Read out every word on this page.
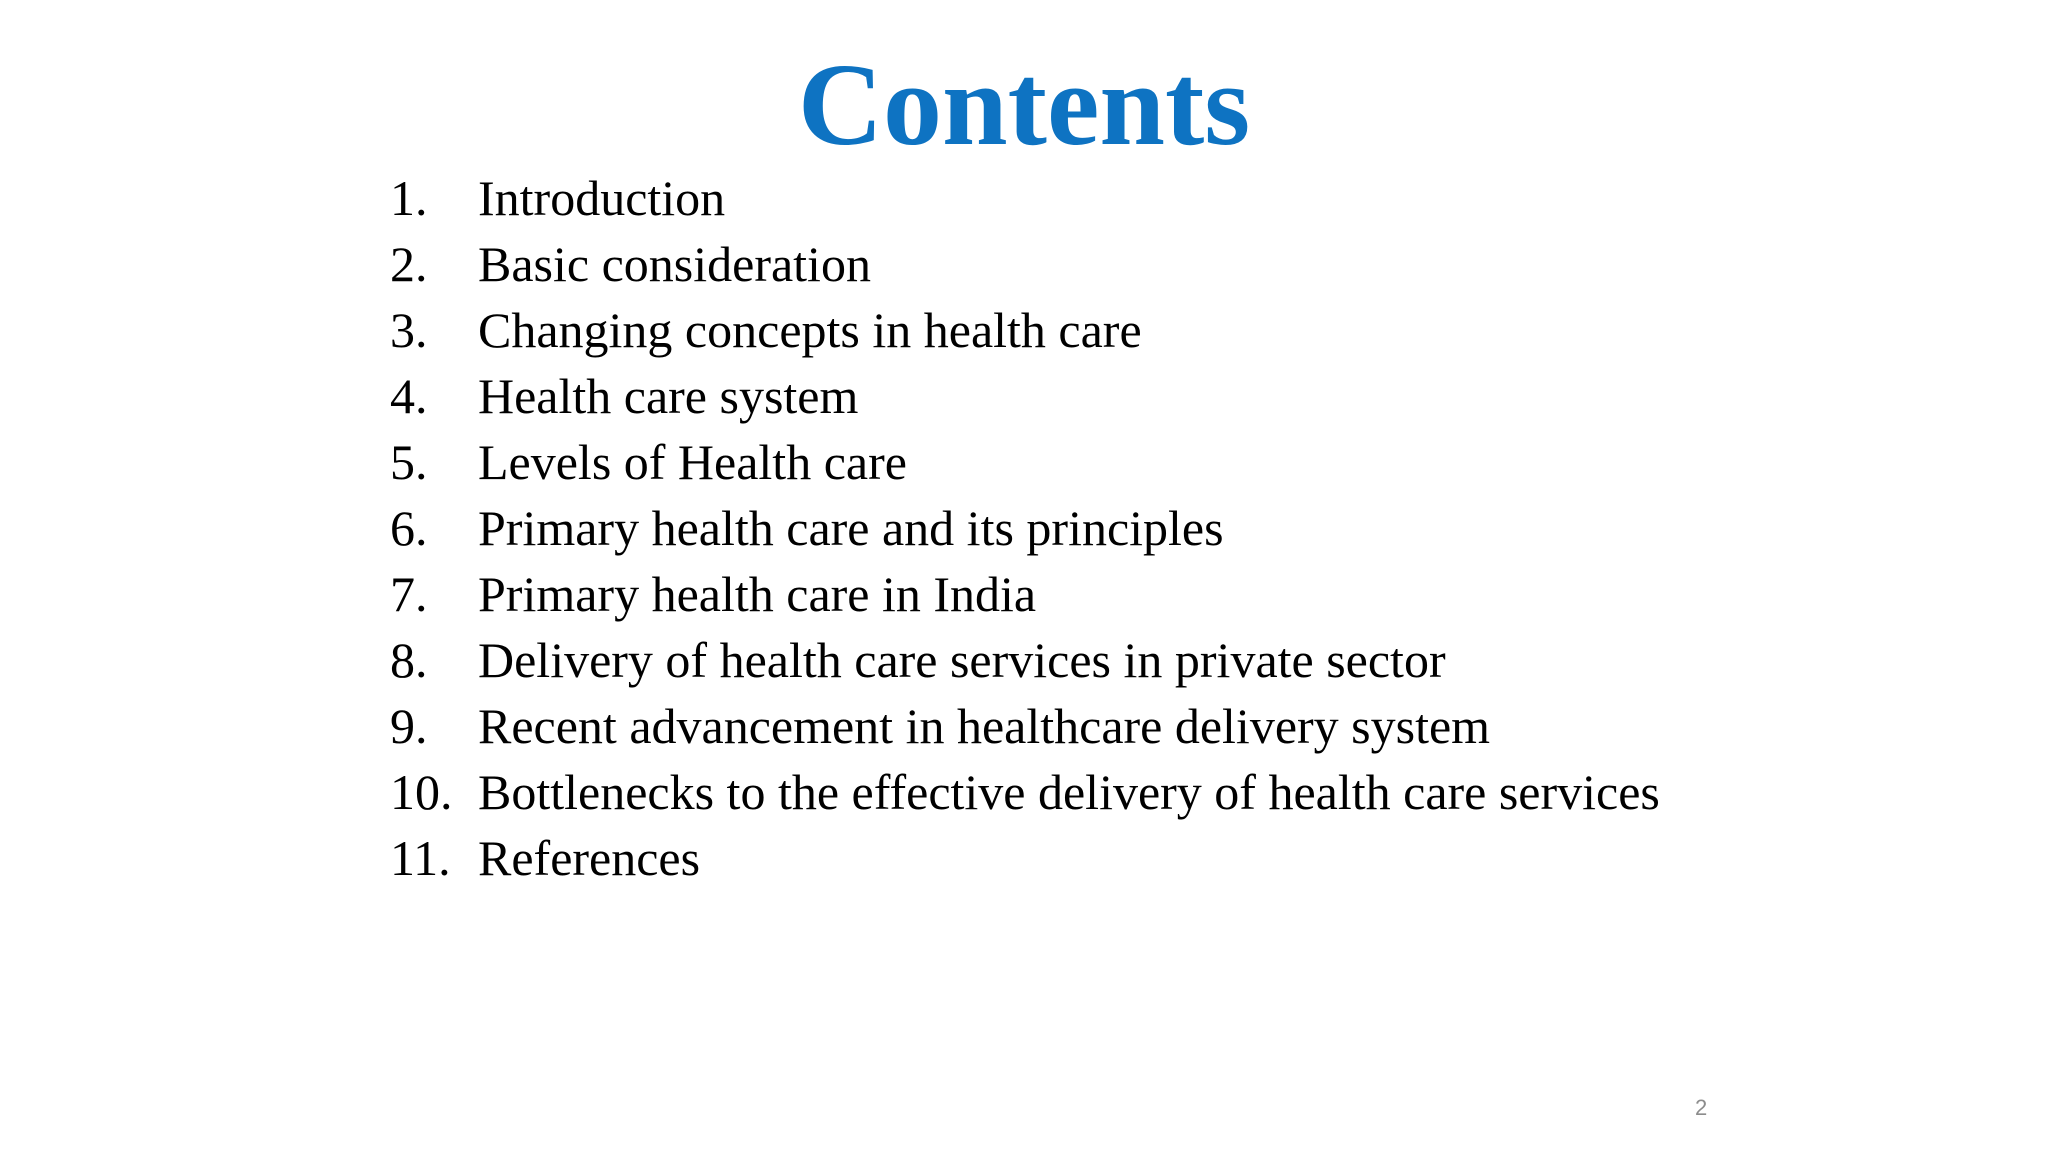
Contents
1.	Introduction
2.	Basic consideration
3.	Changing concepts in health care
4.	Health care system
5.	Levels of Health care
6.	Primary health care and its principles
7.	Primary health care in India
8.	Delivery of health care services in private sector
9.	Recent advancement in healthcare delivery system
10. Bottlenecks to the effective delivery of health care services
11. References
2
